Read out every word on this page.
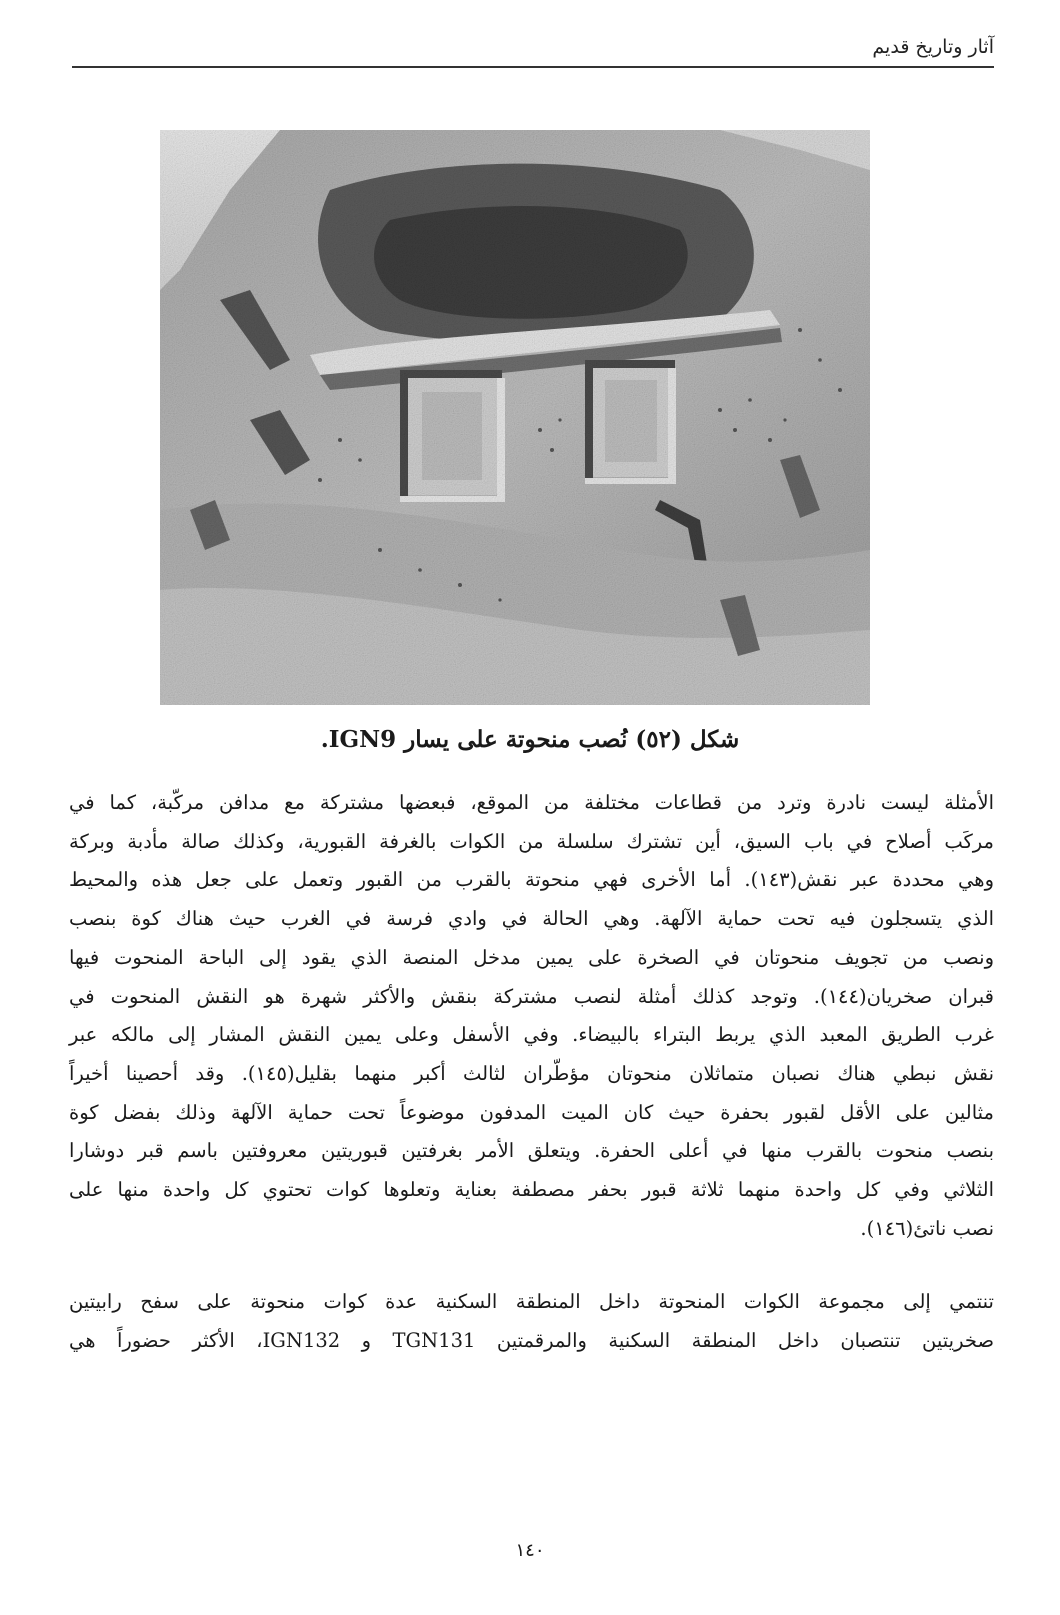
آثار وتاريخ قديم
شكل (٥٢) نُصب منحوتة على يسار IGN9.

الأمثلة ليست نادرة وترد من قطاعات مختلفة من الموقع، فبعضها مشتركة مع مدافن مركّبة، كما في

مركَب أصلاح في باب السيق، أين تشترك سلسلة من الكوات بالغرفة القبورية، وكذلك صالة مأدبة وبركة

وهي محددة عبر نقش(١٤٣). أما الأخرى فهي منحوتة بالقرب من القبور وتعمل على جعل هذه والمحيط

الذي يتسجلون فيه تحت حماية الآلهة. وهي الحالة في وادي فرسة في الغرب حيث هناك كوة بنصب

ونصب من تجويف منحوتان في الصخرة على يمين مدخل المنصة الذي يقود إلى الباحة المنحوت فيها

قبران صخريان(١٤٤). وتوجد كذلك أمثلة لنصب مشتركة بنقش والأكثر شهرة هو النقش المنحوت في

غرب الطريق المعبد الذي يربط البتراء بالبيضاء. وفي الأسفل وعلى يمين النقش المشار إلى مالكه عبر

نقش نبطي هناك نصبان متماثلان منحوتان مؤطّران لثالث أكبر منهما بقليل(١٤٥). وقد أحصينا أخيراً

مثالين على الأقل لقبور بحفرة حيث كان الميت المدفون موضوعاً تحت حماية الآلهة وذلك بفضل كوة

بنصب منحوت بالقرب منها في أعلى الحفرة. ويتعلق الأمر بغرفتين قبوريتين معروفتين باسم قبر دوشارا

الثلاثي وفي كل واحدة منهما ثلاثة قبور بحفر مصطفة بعناية وتعلوها كوات تحتوي كل واحدة منها على

نصب ناتئ(١٤٦).

تنتمي إلى مجموعة الكوات المنحوتة داخل المنطقة السكنية عدة كوات منحوتة على سفح رابيتين

صخريتين تنتصبان داخل المنطقة السكنية والمرقمتين TGN131 و IGN132، الأكثر حضوراً هي

١٤٠
